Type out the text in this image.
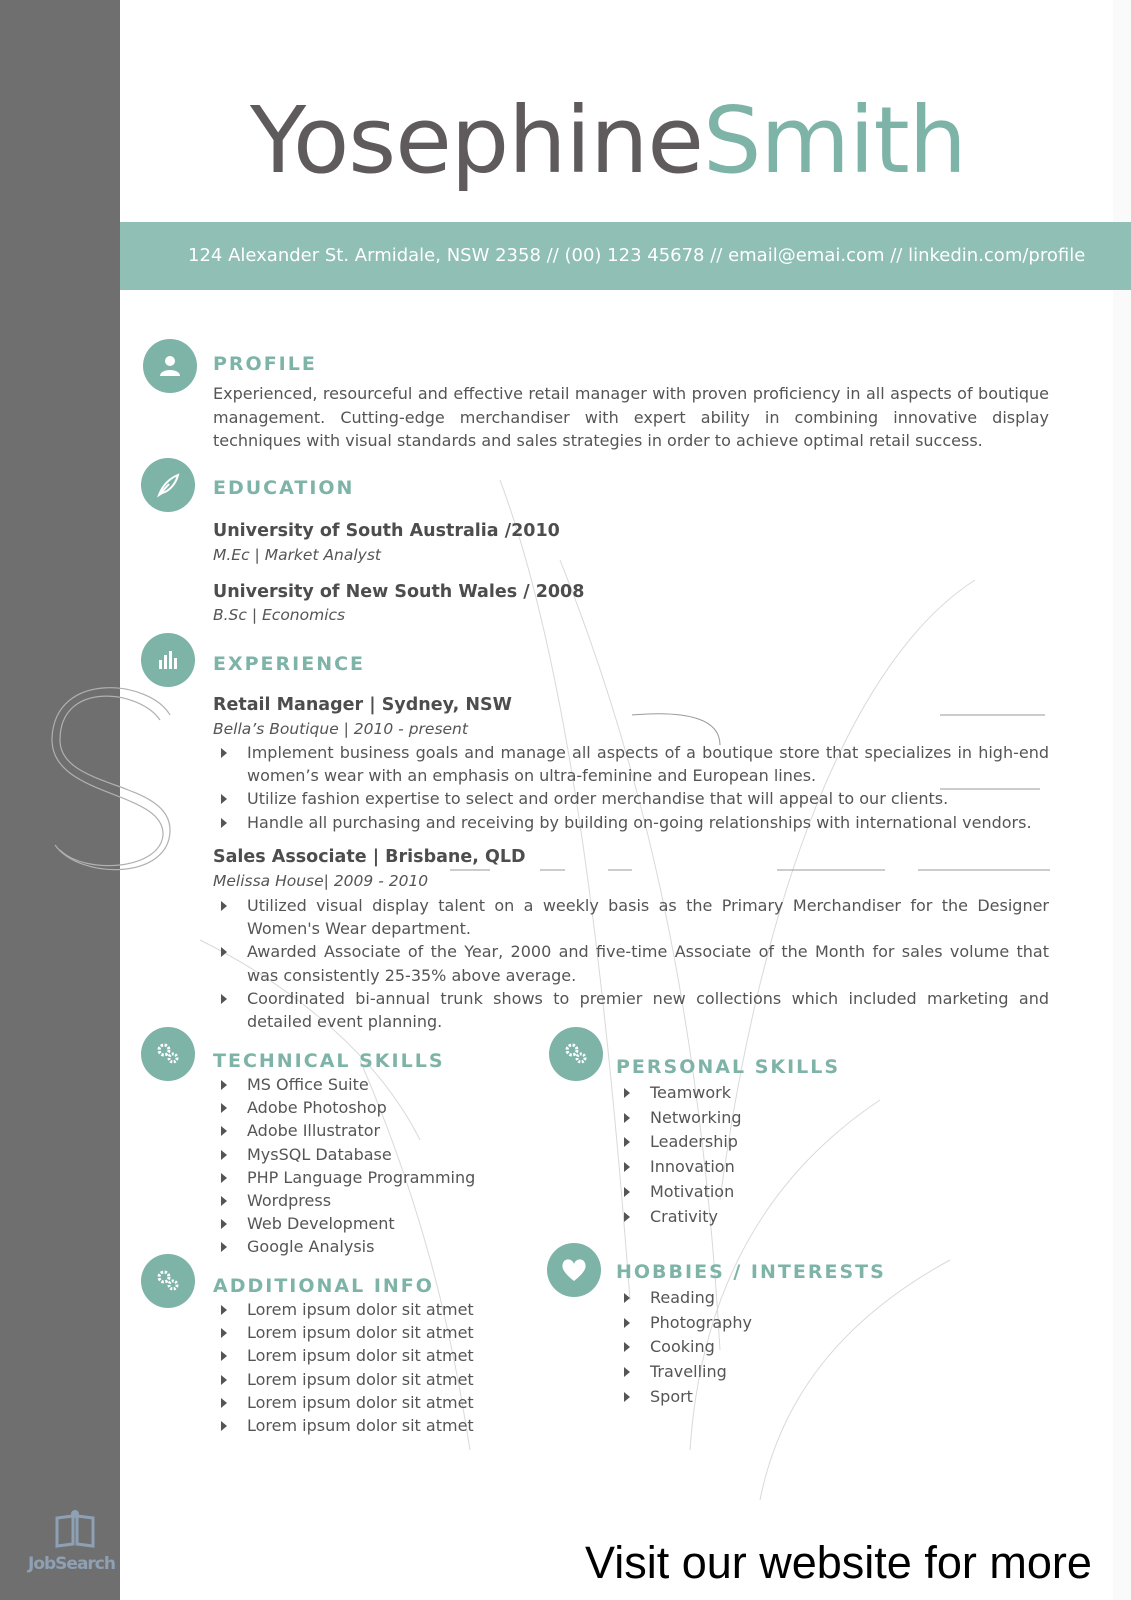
YosephineSmith
124 Alexander St. Armidale, NSW 2358 // (00) 123 45678 // email@emai.com // linkedin.com/profile
PROFILE
Experienced, resourceful and effective retail manager with proven proficiency in all aspects of boutique management. Cutting-edge merchandiser with expert ability in combining innovative display techniques with visual standards and sales strategies in order to achieve optimal retail success.
EDUCATION
University of South Australia /2010
M.Ec | Market Analyst
University of New South Wales / 2008
B.Sc | Economics
EXPERIENCE
Retail Manager | Sydney, NSW
Bella’s Boutique | 2010 - present
Implement business goals and manage all aspects of a boutique store that specializes in high-end women’s wear with an emphasis on ultra-feminine and European lines.
Utilize fashion expertise to select and order merchandise that will appeal to our clients.
Handle all purchasing and receiving by building on-going relationships with international vendors.
Sales Associate | Brisbane, QLD
Melissa House| 2009 - 2010
Utilized visual display talent on a weekly basis as the Primary Merchandiser for the Designer Women's Wear department.
Awarded Associate of the Year, 2000 and five-time Associate of the Month for sales volume that was consistently 25-35% above average.
Coordinated bi-annual trunk shows to premier new collections which included marketing and detailed event planning.
TECHNICAL SKILLS
MS Office Suite
Adobe Photoshop
Adobe Illustrator
MysSQL Database
PHP Language Programming
Wordpress
Web Development
Google Analysis
ADDITIONAL INFO
Lorem ipsum dolor sit atmet
Lorem ipsum dolor sit atmet
Lorem ipsum dolor sit atmet
Lorem ipsum dolor sit atmet
Lorem ipsum dolor sit atmet
Lorem ipsum dolor sit atmet
PERSONAL SKILLS
Teamwork
Networking
Leadership
Innovation
Motivation
Crativity
HOBBIES / INTERESTS
Reading
Photography
Cooking
Travelling
Sport
JobSearch	Visit our website for more
